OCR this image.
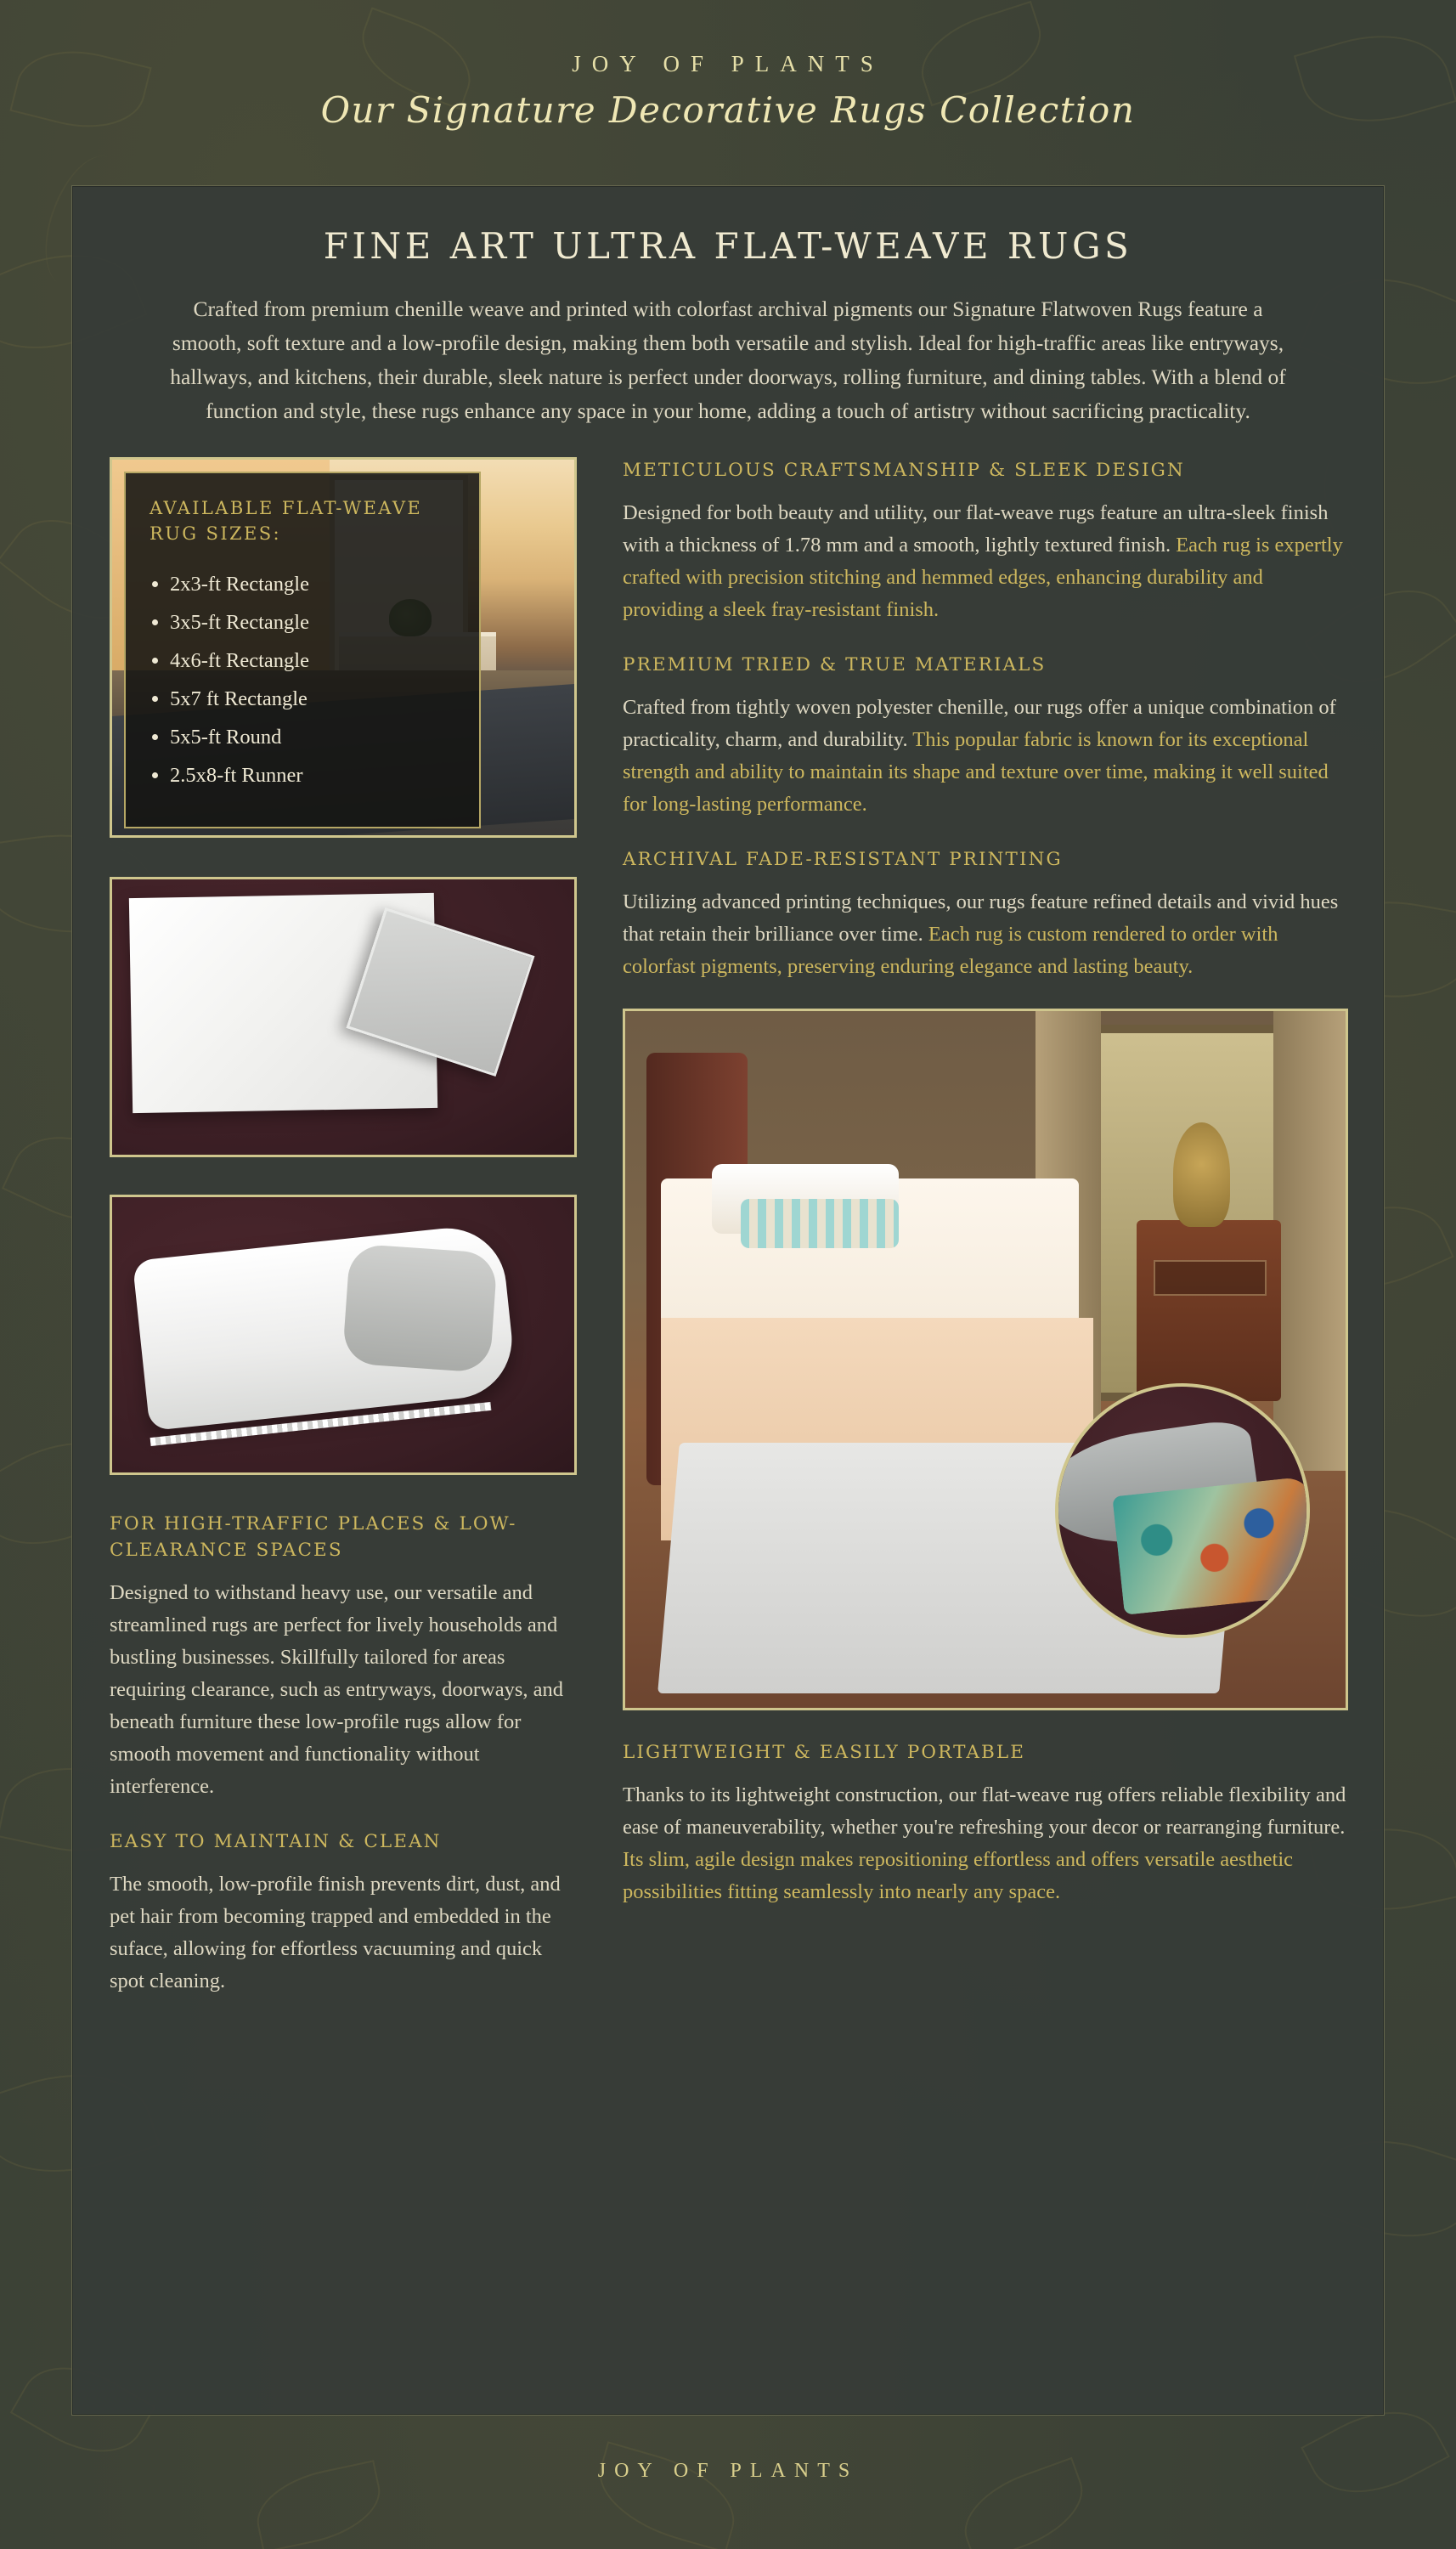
JOY OF PLANTS
Our Signature Decorative Rugs Collection
FINE ART ULTRA FLAT-WEAVE RUGS

Crafted from premium chenille weave and printed with colorfast archival pigments our Signature Flatwoven Rugs feature a smooth, soft texture and a low-profile design, making them both versatile and stylish. Ideal for high-traffic areas like entryways, hallways, and kitchens, their durable, sleek nature is perfect under doorways, rolling furniture, and dining tables. With a blend of function and style, these rugs enhance any space in your home, adding a touch of artistry without sacrificing practicality.

AVAILABLE FLAT-WEAVE RUG SIZES:
• 2x3-ft Rectangle
• 3x5-ft Rectangle
• 4x6-ft Rectangle
• 5x7 ft Rectangle
• 5x5-ft Round
• 2.5x8-ft Runner
FOR HIGH-TRAFFIC PLACES & LOW-CLEARANCE SPACES

Designed to withstand heavy use, our versatile and streamlined rugs are perfect for lively households and bustling businesses. Skillfully tailored for areas requiring clearance, such as entryways, doorways, and beneath furniture these low-profile rugs allow for smooth movement and functionality without interference.

EASY TO MAINTAIN & CLEAN

The smooth, low-profile finish prevents dirt, dust, and pet hair from becoming trapped and embedded in the suface, allowing for effortless vacuuming and quick spot cleaning.

METICULOUS CRAFTSMANSHIP & SLEEK DESIGN

Designed for both beauty and utility, our flat-weave rugs feature an ultra-sleek finish with a thickness of 1.78 mm and a smooth, lightly textured finish. Each rug is expertly crafted with precision stitching and hemmed edges, enhancing durability and providing a sleek fray-resistant finish.

PREMIUM TRIED & TRUE MATERIALS

Crafted from tightly woven polyester chenille, our rugs offer a unique combination of practicality, charm, and durability. This popular fabric is known for its exceptional strength and ability to maintain its shape and texture over time, making it well suited for long-lasting performance.

ARCHIVAL FADE-RESISTANT PRINTING

Utilizing advanced printing techniques, our rugs feature refined details and vivid hues that retain their brilliance over time. Each rug is custom rendered to order with colorfast pigments, preserving enduring elegance and lasting beauty.

LIGHTWEIGHT & EASILY PORTABLE

Thanks to its lightweight construction, our flat-weave rug offers reliable flexibility and ease of maneuverability, whether you're refreshing your decor or rearranging furniture. Its slim, agile design makes repositioning effortless and offers versatile aesthetic possibilities fitting seamlessly into nearly any space.

JOY OF PLANTS
